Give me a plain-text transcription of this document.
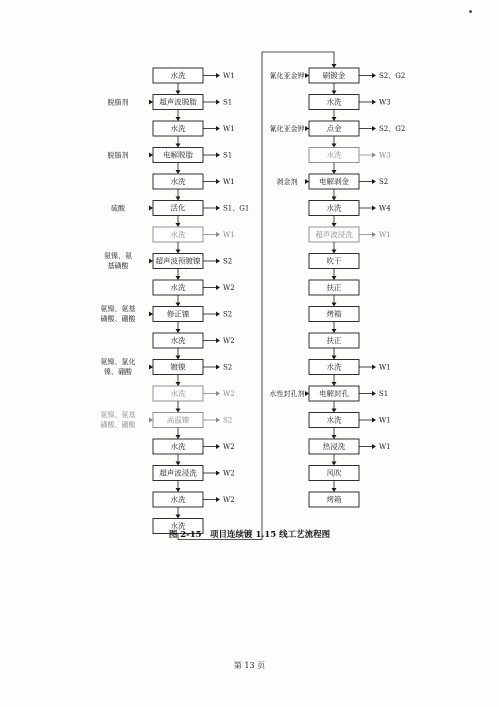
水洗	W1
超声波脱脂	S1
脱脂剂
水洗	W1
电解脱脂	S1
脱脂剂
水洗	W1
活化	S1、G1
硫酸
水洗	W1
超声波预镀镍	S2
氨镍、氨
基磺酸
水洗	W2
修正镍	S2
氨镍、氨基
磺酸、硼酸
水洗	W2
镀镍	S2
氨镍、氯化
镍、硼酸
水洗	W2
高温镍	S2
氨镍、氨基
磺酸、硼酸
水洗	W2
超声波浸洗	W2
水洗	W2
水洗
刷镀金	S2、G2
氰化亚金钾
水洗	W3
点金	S2、G2
氰化亚金钾
水洗	W3
电解剥金	S2
剥金剂
水洗	W4
超声波浸洗	W1
吹干
扶正
烤箱
扶正
水洗	W1
电解封孔	S1
水性封孔剂
水洗	W1
热浸洗	W1
风吹
烤箱
图 2-15　项目连续镀 1.15 线工艺流程图
第 13 页
